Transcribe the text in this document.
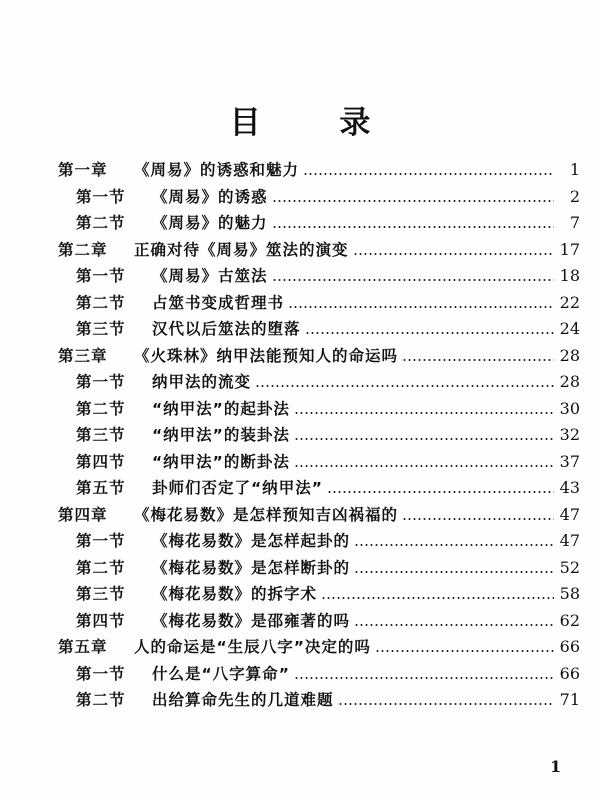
目 录
第一章	《周易》的诱惑和魅力	1
第一节	《周易》的诱惑	2
第二节	《周易》的魅力	7
第二章	正确对待《周易》筮法的演变	17
第一节	《周易》古筮法	18
第二节	占筮书变成哲理书	22
第三节	汉代以后筮法的堕落	24
第三章	《火珠林》纳甲法能预知人的命运吗	28
第一节	纳甲法的流变	28
第二节	“纳甲法”的起卦法	30
第三节	“纳甲法”的装卦法	32
第四节	“纳甲法”的断卦法	37
第五节	卦师们否定了“纳甲法”	43
第四章	《梅花易数》是怎样预知吉凶祸福的	47
第一节	《梅花易数》是怎样起卦的	47
第二节	《梅花易数》是怎样断卦的	52
第三节	《梅花易数》的拆字术	58
第四节	《梅花易数》是邵雍著的吗	62
第五章	人的命运是“生辰八字”决定的吗	66
第一节	什么是“八字算命”	66
第二节	出给算命先生的几道难题	71
1
